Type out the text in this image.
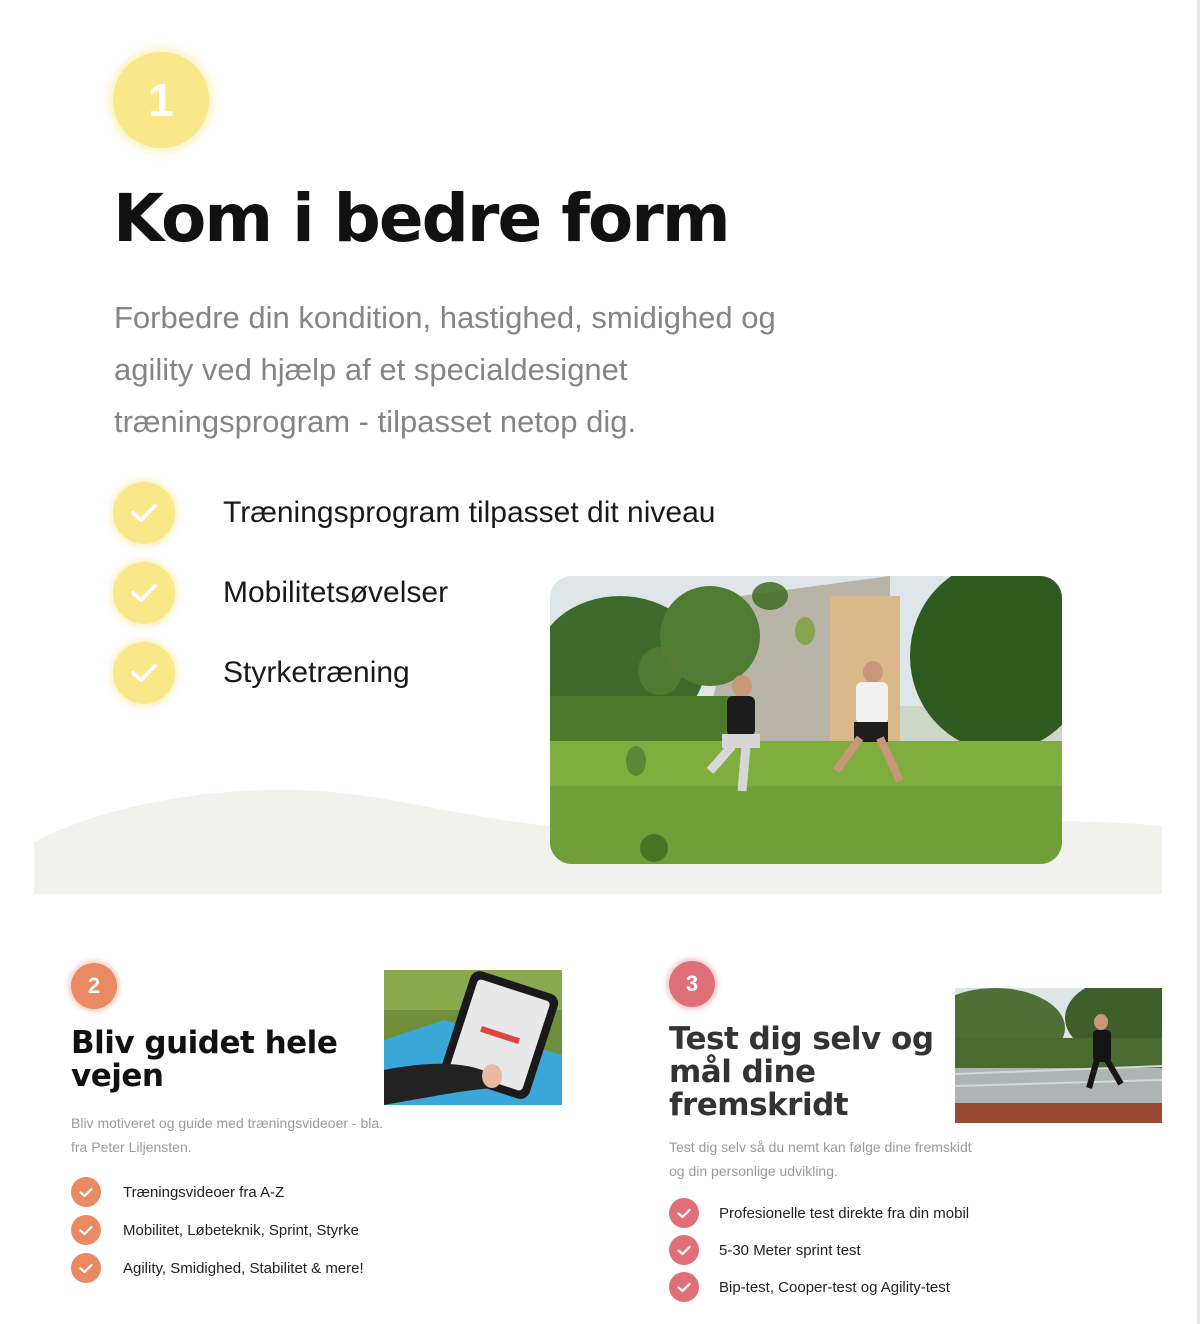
1
Kom i bedre form

Forbedre din kondition, hastighed, smidighed og agility ved hjælp af et specialdesignet træningsprogram - tilpasset netop dig.

Træningsprogram tilpasset dit niveau
Mobilitetsøvelser
Styrketræning
2
Bliv guidet hele vejen

Bliv motiveret og guide med træningsvideoer - bla. fra Peter Liljensten.

Træningsvideoer fra A-Z
Mobilitet, Løbeteknik, Sprint, Styrke
Agility, Smidighed, Stabilitet & mere!
3
Test dig selv og mål dine fremskridt

Test dig selv så du nemt kan følge dine fremskidt og din personlige udvikling.

Profesionelle test direkte fra din mobil
5-30 Meter sprint test
Bip-test, Cooper-test og Agility-test
